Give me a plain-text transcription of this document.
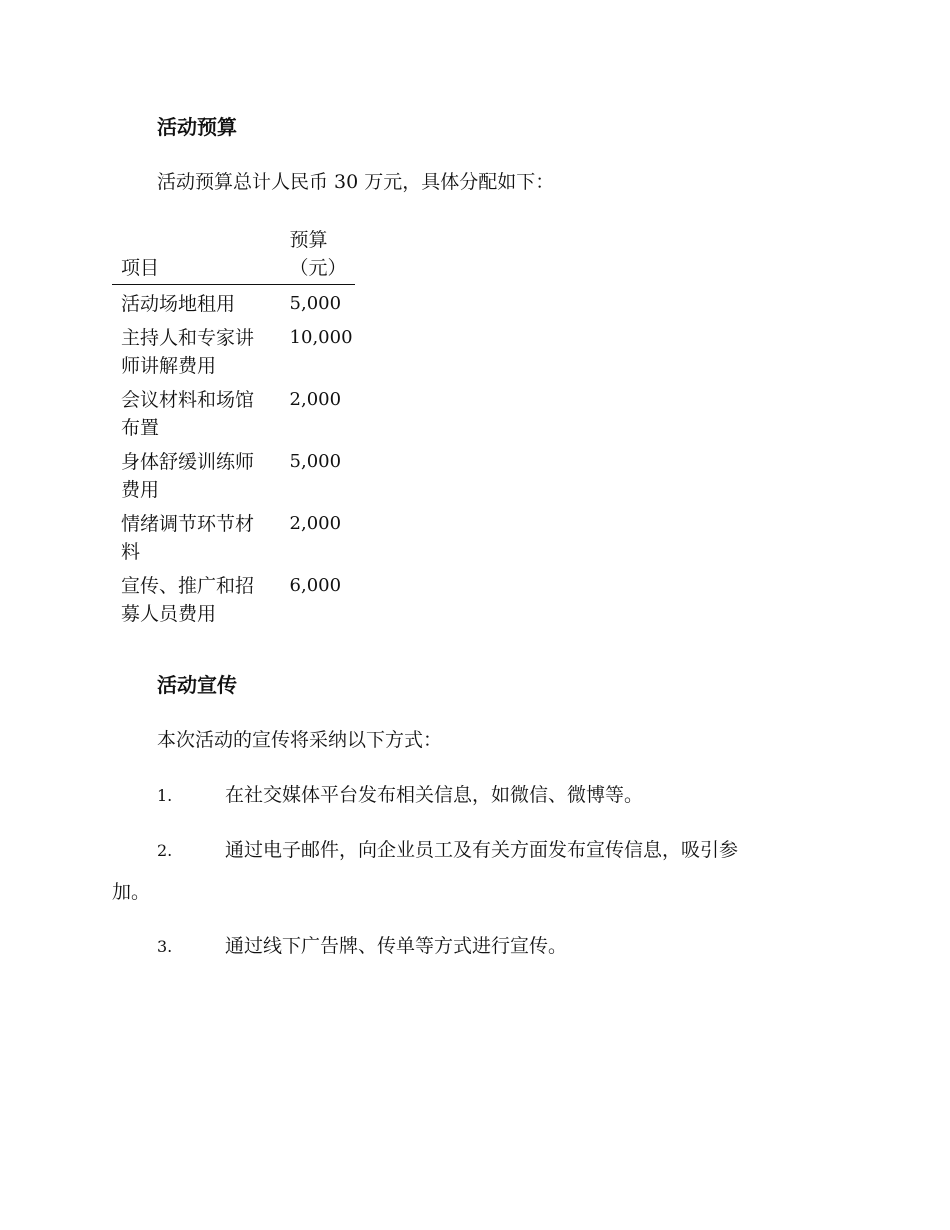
活动预算

活动预算总计人民币 30 万元，具体分配如下：

项目	预算（元）

活动场地租用	5,000

主持人和专家讲师讲解费用	10,000

会议材料和场馆布置	2,000

身体舒缓训练师费用	5,000

情绪调节环节材料	2,000

宣传、推广和招募人员费用	6,000
活动宣传

本次活动的宣传将采纳以下方式：

1.	在社交媒体平台发布相关信息，如微信、微博等。
2.	通过电子邮件，向企业员工及有关方面发布宣传信息，吸引参
加。
3.	通过线下广告牌、传单等方式进行宣传。
